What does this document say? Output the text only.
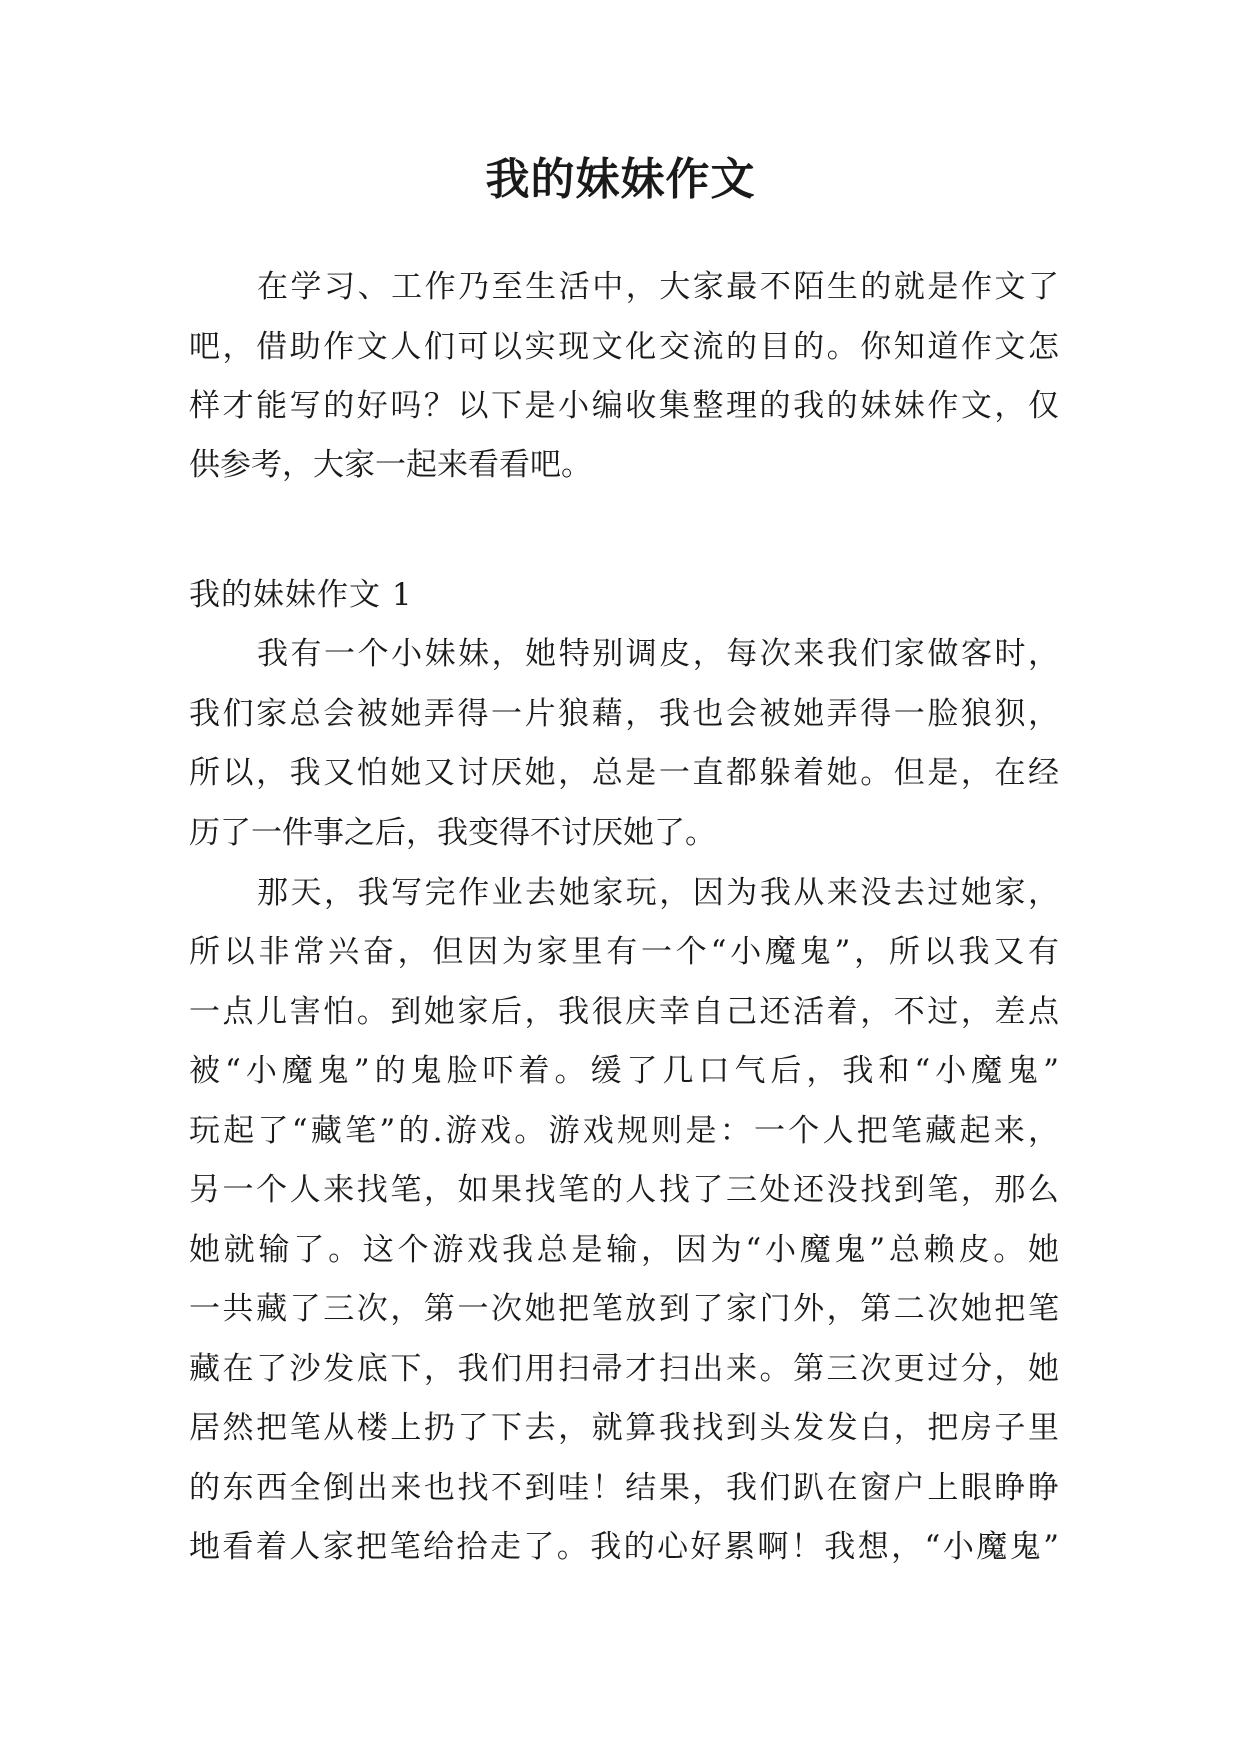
我的妹妹作文
在学习、工作乃至生活中，大家最不陌生的就是作文了
吧，借助作文人们可以实现文化交流的目的。你知道作文怎
样才能写的好吗？以下是小编收集整理的我的妹妹作文，仅
供参考，大家一起来看看吧。
我的妹妹作文 1
我有一个小妹妹，她特别调皮，每次来我们家做客时，
我们家总会被她弄得一片狼藉，我也会被她弄得一脸狼狈，
所以，我又怕她又讨厌她，总是一直都躲着她。但是，在经
历了一件事之后，我变得不讨厌她了。
那天，我写完作业去她家玩，因为我从来没去过她家，
所以非常兴奋，但因为家里有一个“小魔鬼”，所以我又有
一点儿害怕。到她家后，我很庆幸自己还活着，不过，差点
被“小魔鬼”的鬼脸吓着。缓了几口气后，我和“小魔鬼”
玩起了“藏笔”的.游戏。游戏规则是：一个人把笔藏起来，
另一个人来找笔，如果找笔的人找了三处还没找到笔，那么
她就输了。这个游戏我总是输，因为“小魔鬼”总赖皮。她
一共藏了三次，第一次她把笔放到了家门外，第二次她把笔
藏在了沙发底下，我们用扫帚才扫出来。第三次更过分，她
居然把笔从楼上扔了下去，就算我找到头发发白，把房子里
的东西全倒出来也找不到哇！结果，我们趴在窗户上眼睁睁
地看着人家把笔给拾走了。我的心好累啊！我想，“小魔鬼”
